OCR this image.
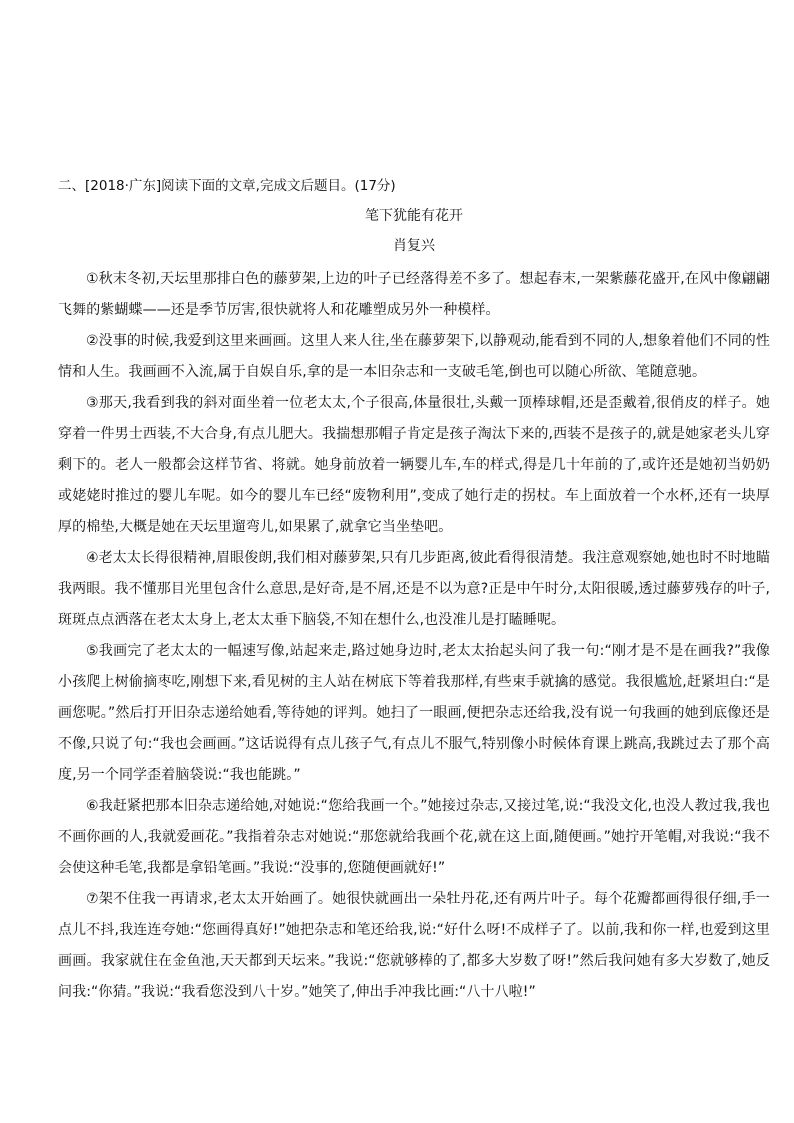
二、[2018·广东]阅读下面的文章,完成文后题目。(17分)

笔下犹能有花开

肖复兴

①秋末冬初,天坛里那排白色的藤萝架,上边的叶子已经落得差不多了。想起春末,一架紫藤花盛开,在风中像翩翩飞舞的紫蝴蝶——还是季节厉害,很快就将人和花雕塑成另外一种模样。

②没事的时候,我爱到这里来画画。这里人来人往,坐在藤萝架下,以静观动,能看到不同的人,想象着他们不同的性情和人生。我画画不入流,属于自娱自乐,拿的是一本旧杂志和一支破毛笔,倒也可以随心所欲、笔随意驰。

③那天,我看到我的斜对面坐着一位老太太,个子很高,体量很壮,头戴一顶棒球帽,还是歪戴着,很俏皮的样子。她穿着一件男士西装,不大合身,有点儿肥大。我揣想那帽子肯定是孩子淘汰下来的,西装不是孩子的,就是她家老头儿穿剩下的。老人一般都会这样节省、将就。她身前放着一辆婴儿车,车的样式,得是几十年前的了,或许还是她初当奶奶或姥姥时推过的婴儿车呢。如今的婴儿车已经“废物利用”,变成了她行走的拐杖。车上面放着一个水杯,还有一块厚厚的棉垫,大概是她在天坛里遛弯儿,如果累了,就拿它当坐垫吧。

④老太太长得很精神,眉眼俊朗,我们相对藤萝架,只有几步距离,彼此看得很清楚。我注意观察她,她也时不时地瞄我两眼。我不懂那目光里包含什么意思,是好奇,是不屑,还是不以为意?正是中午时分,太阳很暖,透过藤萝残存的叶子,斑斑点点洒落在老太太身上,老太太垂下脑袋,不知在想什么,也没准儿是打瞌睡呢。

⑤我画完了老太太的一幅速写像,站起来走,路过她身边时,老太太抬起头问了我一句:“刚才是不是在画我?”我像小孩爬上树偷摘枣吃,刚想下来,看见树的主人站在树底下等着我那样,有些束手就擒的感觉。我很尴尬,赶紧坦白:“是画您呢。”然后打开旧杂志递给她看,等待她的评判。她扫了一眼画,便把杂志还给我,没有说一句我画的她到底像还是不像,只说了句:“我也会画画。”这话说得有点儿孩子气,有点儿不服气,特别像小时候体育课上跳高,我跳过去了那个高度,另一个同学歪着脑袋说:“我也能跳。”

⑥我赶紧把那本旧杂志递给她,对她说:“您给我画一个。”她接过杂志,又接过笔,说:“我没文化,也没人教过我,我也不画你画的人,我就爱画花。”我指着杂志对她说:“那您就给我画个花,就在这上面,随便画。”她拧开笔帽,对我说:“我不会使这种毛笔,我都是拿铅笔画。”我说:“没事的,您随便画就好!”

⑦架不住我一再请求,老太太开始画了。她很快就画出一朵牡丹花,还有两片叶子。每个花瓣都画得很仔细,手一点儿不抖,我连连夸她:“您画得真好!”她把杂志和笔还给我,说:“好什么呀!不成样子了。以前,我和你一样,也爱到这里画画。我家就住在金鱼池,天天都到天坛来。”我说:“您就够棒的了,都多大岁数了呀!”然后我问她有多大岁数了,她反问我:“你猜。”我说:“我看您没到八十岁。”她笑了,伸出手冲我比画:“八十八啦!”
